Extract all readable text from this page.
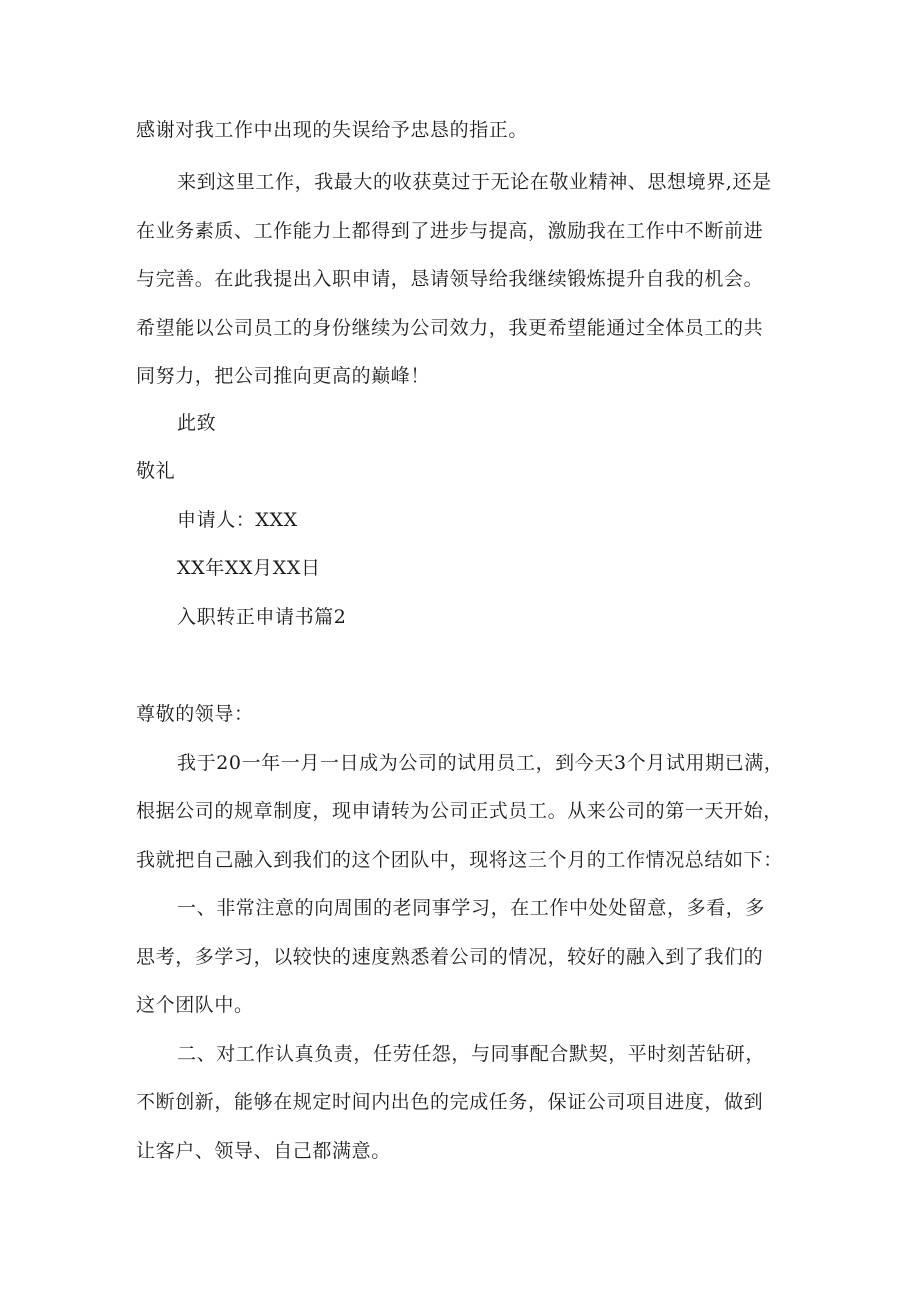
感谢对我工作中出现的失误给予忠恳的指正。
来到这里工作，我最大的收获莫过于无论在敬业精神、思想境界,还是
在业务素质、工作能力上都得到了进步与提高，激励我在工作中不断前进
与完善。在此我提出入职申请，恳请领导给我继续锻炼提升自我的机会。
希望能以公司员工的身份继续为公司效力，我更希望能通过全体员工的共
同努力，把公司推向更高的巅峰！
此致
敬礼
申请人：XXX
XX年XX月XX日
入职转正申请书篇2
尊敬的领导：
我于20一年一月一日成为公司的试用员工，到今天3个月试用期已满，
根据公司的规章制度，现申请转为公司正式员工。从来公司的第一天开始，
我就把自己融入到我们的这个团队中，现将这三个月的工作情况总结如下：
一、非常注意的向周围的老同事学习，在工作中处处留意，多看，多
思考，多学习，以较快的速度熟悉着公司的情况，较好的融入到了我们的
这个团队中。
二、对工作认真负责，任劳任怨，与同事配合默契，平时刻苦钻研，
不断创新，能够在规定时间内出色的完成任务，保证公司项目进度，做到
让客户、领导、自己都满意。
